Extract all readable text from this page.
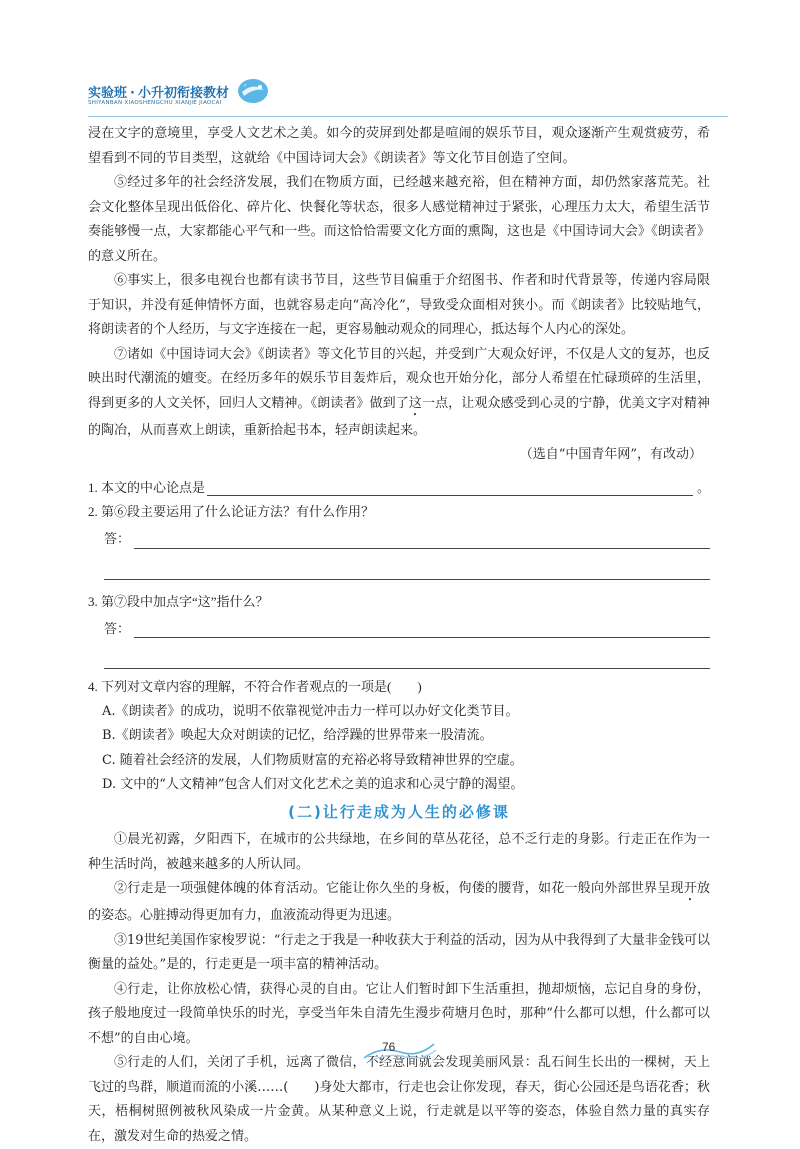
实验班 · 小升初衔接教材
SHIYANBAN XIAOSHENGCHU XIANJIE JIAOCAI

浸在文字的意境里，享受人文艺术之美。如今的荧屏到处都是喧闹的娱乐节目，观众逐渐产生观赏疲劳，希望看到不同的节目类型，这就给《中国诗词大会》《朗读者》等文化节目创造了空间。

⑤经过多年的社会经济发展，我们在物质方面，已经越来越充裕，但在精神方面，却仍然家落荒芜。社会文化整体呈现出低俗化、碎片化、快餐化等状态，很多人感觉精神过于紧张，心理压力太大，希望生活节奏能够慢一点，大家都能心平气和一些。而这恰恰需要文化方面的熏陶，这也是《中国诗词大会》《朗读者》的意义所在。

⑥事实上，很多电视台也都有读书节目，这些节目偏重于介绍图书、作者和时代背景等，传递内容局限于知识，并没有延伸情怀方面，也就容易走向“高冷化”，导致受众面相对狭小。而《朗读者》比较贴地气，将朗读者的个人经历，与文字连接在一起，更容易触动观众的同理心，抵达每个人内心的深处。

⑦诸如《中国诗词大会》《朗读者》等文化节目的兴起，并受到广大观众好评，不仅是人文的复苏，也反映出时代潮流的嬗变。在经历多年的娱乐节目轰炸后，观众也开始分化，部分人希望在忙碌琐碎的生活里，得到更多的人文关怀，回归人文精神。《朗读者》做到了这一点，让观众感受到心灵的宁静，优美文字对精神的陶冶，从而喜欢上朗读，重新拾起书本，轻声朗读起来。

（选自“中国青年网”，有改动）

1. 本文的中心论点是	。

2. 第⑥段主要运用了什么论证方法？有什么作用？

答：

3. 第⑦段中加点字“这”指什么？

答：

4. 下列对文章内容的理解，不符合作者观点的一项是(　　)

A.《朗读者》的成功，说明不依靠视觉冲击力一样可以办好文化类节目。

B.《朗读者》唤起大众对朗读的记忆，给浮躁的世界带来一股清流。

C. 随着社会经济的发展，人们物质财富的充裕必将导致精神世界的空虚。

D. 文中的“人文精神”包含人们对文化艺术之美的追求和心灵宁静的渴望。

(二)让行走成为人生的必修课

①晨光初露，夕阳西下，在城市的公共绿地，在乡间的草丛花径，总不乏行走的身影。行走正在作为一种生活时尚，被越来越多的人所认同。

②行走是一项强健体魄的体育活动。它能让你久坐的身板，佝偻的腰背，如花一般向外部世界呈现开放的姿态。心脏搏动得更加有力，血液流动得更为迅速。

③19世纪美国作家梭罗说：“行走之于我是一种收获大于利益的活动，因为从中我得到了大量非金钱可以衡量的益处。”是的，行走更是一项丰富的精神活动。

④行走，让你放松心情，获得心灵的自由。它让人们暂时卸下生活重担，抛却烦恼，忘记自身的身份，孩子般地度过一段简单快乐的时光，享受当年朱自清先生漫步荷塘月色时，那种“什么都可以想，什么都可以不想”的自由心境。

⑤行走的人们，关闭了手机，远离了微信，不经意间就会发现美丽风景：乱石间生长出的一棵树，天上飞过的鸟群，顺道而流的小溪……(　　)身处大都市，行走也会让你发现，春天，街心公园还是鸟语花香；秋天，梧桐树照例被秋风染成一片金黄。从某种意义上说，行走就是以平等的姿态，体验自然力量的真实存在，激发对生命的热爱之情。

76
